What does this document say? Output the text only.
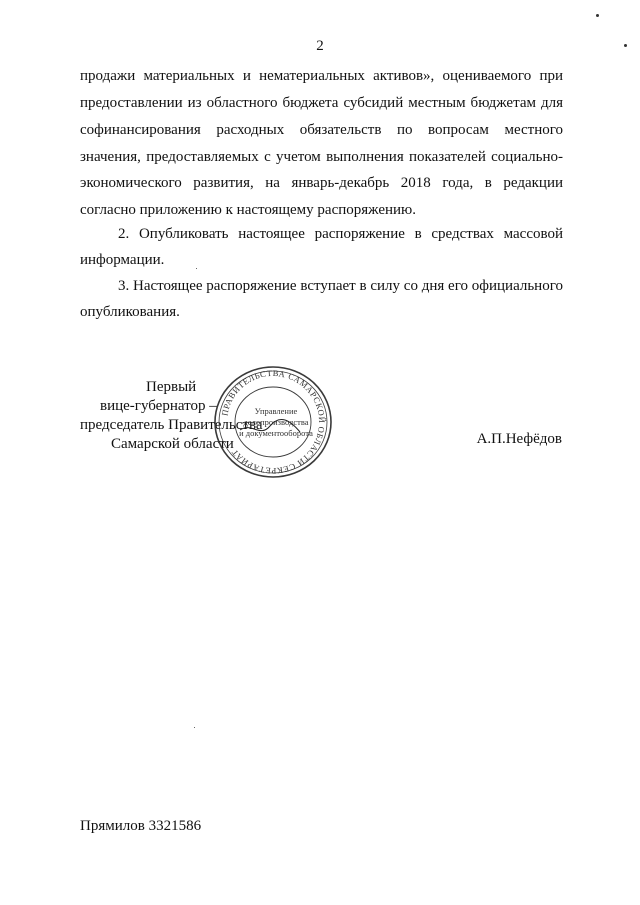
2
продажи материальных и нематериальных активов», оцениваемого при
предоставлении из областного бюджета субсидий местным бюджетам для
софинансирования расходных обязательств по вопросам местного
значения, предоставляемых с учетом выполнения показателей социально-
экономического развития, на январь-декабрь 2018 года, в редакции
согласно приложению к настоящему распоряжению.
2. Опубликовать настоящее распоряжение в средствах массовой
информации.
3. Настоящее распоряжение вступает в силу со дня его официального
опубликования.
Первый
вице-губернатор –
председатель Правительства
Самарской области
ПРАВИТЕЛЬСТВА САМАРСКОЙ ОБЛАСТИ СЕКРЕТАРИАТ
Управление
делопроизводства
и документооборота	А.П.Нефёдов
Прямилов 3321586
